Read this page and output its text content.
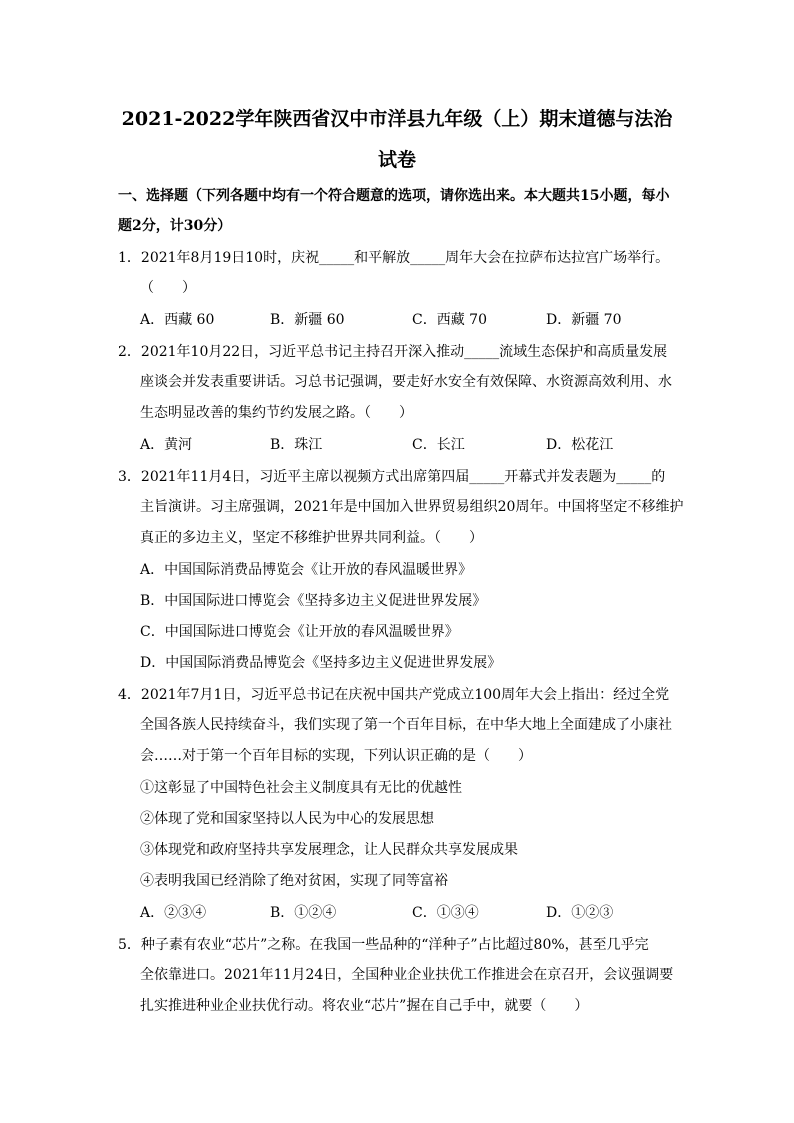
2021-2022学年陕西省汉中市洋县九年级（上）期末道德与法治
试卷
一、选择题（下列各题中均有一个符合题意的选项，请你选出来。本大题共15小题，每小
题2分，计30分）
1．2021年8月19日10时，庆祝_____和平解放_____周年大会在拉萨布达拉宫广场举行。
（　　）
A．西藏 60	B．新疆 60	C．西藏 70	D．新疆 70
2．2021年10月22日，习近平总书记主持召开深入推动_____流域生态保护和高质量发展
座谈会并发表重要讲话。习总书记强调，要走好水安全有效保障、水资源高效利用、水
生态明显改善的集约节约发展之路。（　　）
A．黄河	B．珠江	C．长江	D．松花江
3．2021年11月4日，习近平主席以视频方式出席第四届_____开幕式并发表题为_____的
主旨演讲。习主席强调，2021年是中国加入世界贸易组织20周年。中国将坚定不移维护
真正的多边主义，坚定不移维护世界共同利益。（　　）
A．中国国际消费品博览会《让开放的春风温暖世界》
B．中国国际进口博览会《坚持多边主义促进世界发展》
C．中国国际进口博览会《让开放的春风温暖世界》
D．中国国际消费品博览会《坚持多边主义促进世界发展》
4．2021年7月1日，习近平总书记在庆祝中国共产党成立100周年大会上指出：经过全党
全国各族人民持续奋斗，我们实现了第一个百年目标，在中华大地上全面建成了小康社
会……对于第一个百年目标的实现，下列认识正确的是（　　）
①这彰显了中国特色社会主义制度具有无比的优越性
②体现了党和国家坚持以人民为中心的发展思想
③体现党和政府坚持共享发展理念，让人民群众共享发展成果
④表明我国已经消除了绝对贫困，实现了同等富裕
A．②③④	B．①②④	C．①③④	D．①②③
5．种子素有农业“芯片”之称。在我国一些品种的“洋种子”占比超过80%，甚至几乎完
全依靠进口。2021年11月24日，全国种业企业扶优工作推进会在京召开，会议强调要
扎实推进种业企业扶优行动。将农业“芯片”握在自己手中，就要（　　）
